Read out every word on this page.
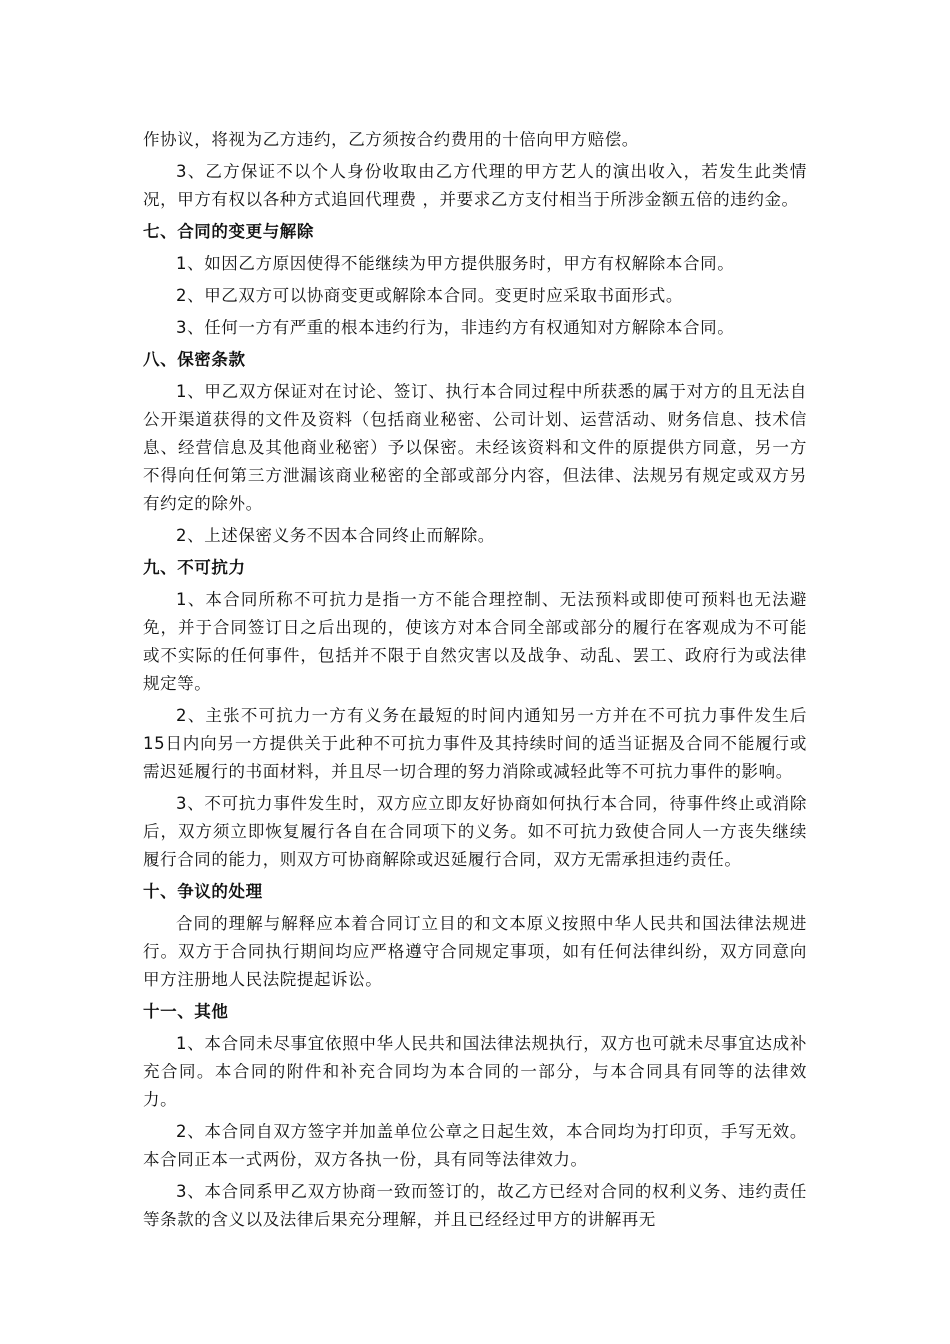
作协议，将视为乙方违约，乙方须按合约费用的十倍向甲方赔偿。
3、乙方保证不以个人身份收取由乙方代理的甲方艺人的演出收入，若发生此类情况，甲方有权以各种方式追回代理费 ，并要求乙方支付相当于所涉金额五倍的违约金。
七、合同的变更与解除
1、如因乙方原因使得不能继续为甲方提供服务时，甲方有权解除本合同。
2、甲乙双方可以协商变更或解除本合同。变更时应采取书面形式。
3、任何一方有严重的根本违约行为，非违约方有权通知对方解除本合同。
八、保密条款
1、甲乙双方保证对在讨论、签订、执行本合同过程中所获悉的属于对方的且无法自公开渠道获得的文件及资料（包括商业秘密、公司计划、运营活动、财务信息、技术信息、经营信息及其他商业秘密）予以保密。未经该资料和文件的原提供方同意，另一方不得向任何第三方泄漏该商业秘密的全部或部分内容，但法律、法规另有规定或双方另有约定的除外。
2、上述保密义务不因本合同终止而解除。
九、不可抗力
1、本合同所称不可抗力是指一方不能合理控制、无法预料或即使可预料也无法避免，并于合同签订日之后出现的，使该方对本合同全部或部分的履行在客观成为不可能或不实际的任何事件，包括并不限于自然灾害以及战争、动乱、罢工、政府行为或法律规定等。
2、主张不可抗力一方有义务在最短的时间内通知另一方并在不可抗力事件发生后15日内向另一方提供关于此种不可抗力事件及其持续时间的适当证据及合同不能履行或需迟延履行的书面材料，并且尽一切合理的努力消除或减轻此等不可抗力事件的影响。
3、不可抗力事件发生时，双方应立即友好协商如何执行本合同，待事件终止或消除后，双方须立即恢复履行各自在合同项下的义务。如不可抗力致使合同人一方丧失继续履行合同的能力，则双方可协商解除或迟延履行合同，双方无需承担违约责任。
十、争议的处理
合同的理解与解释应本着合同订立目的和文本原义按照中华人民共和国法律法规进行。双方于合同执行期间均应严格遵守合同规定事项，如有任何法律纠纷，双方同意向甲方注册地人民法院提起诉讼。
十一、其他
1、本合同未尽事宜依照中华人民共和国法律法规执行，双方也可就未尽事宜达成补充合同。本合同的附件和补充合同均为本合同的一部分，与本合同具有同等的法律效力。
2、本合同自双方签字并加盖单位公章之日起生效，本合同均为打印页，手写无效。本合同正本一式两份，双方各执一份，具有同等法律效力。
3、本合同系甲乙双方协商一致而签订的，故乙方已经对合同的权利义务、违约责任等条款的含义以及法律后果充分理解，并且已经经过甲方的讲解再无
